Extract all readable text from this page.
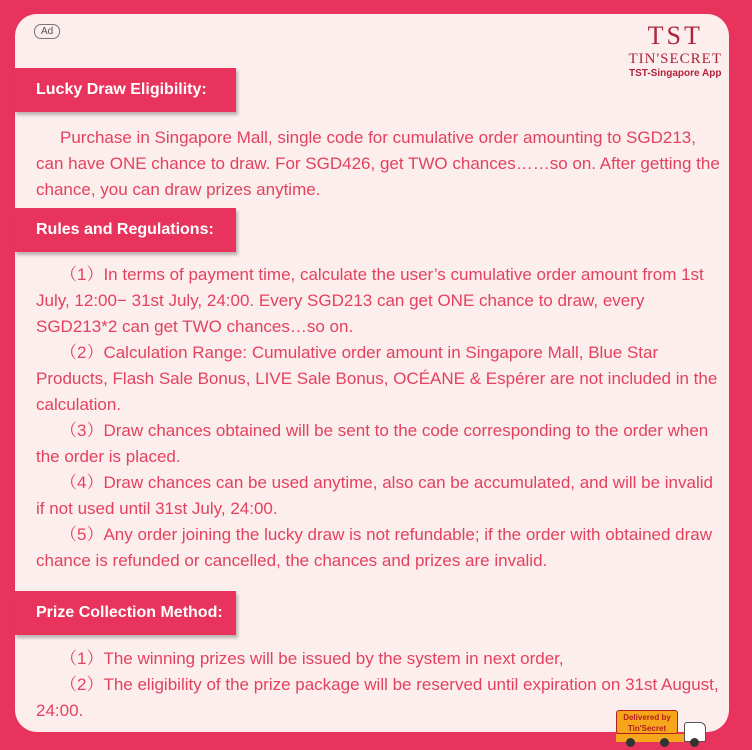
Ad	TST
TIN'SECRET
TST-Singapore App
Lucky Draw Eligibility:

Purchase in Singapore Mall, single code for cumulative order amounting to SGD213, can have ONE chance to draw. For SGD426, get TWO chances……so on. After getting the chance, you can draw prizes anytime.

Rules and Regulations:

（1）In terms of payment time, calculate the user’s cumulative order amount from 1st July, 12:00− 31st July, 24:00. Every SGD213 can get ONE chance to draw, every SGD213*2 can get TWO chances…so on.

（2）Calculation Range: Cumulative order amount in Singapore Mall, Blue Star Products, Flash Sale Bonus, LIVE Sale Bonus, OCÉANE & Espérer are not included in the calculation.

（3）Draw chances obtained will be sent to the code corresponding to the order when the order is placed.

（4）Draw chances can be used anytime, also can be accumulated, and will be invalid if not used until 31st July, 24:00.

（5）Any order joining the lucky draw is not refundable; if the order with obtained draw chance is refunded or cancelled, the chances and prizes are invalid.

Prize Collection Method:

（1）The winning prizes will be issued by the system in next order,

（2）The eligibility of the prize package will be reserved until expiration on 31st August, 24:00.	Delivered by Tin'Secret
